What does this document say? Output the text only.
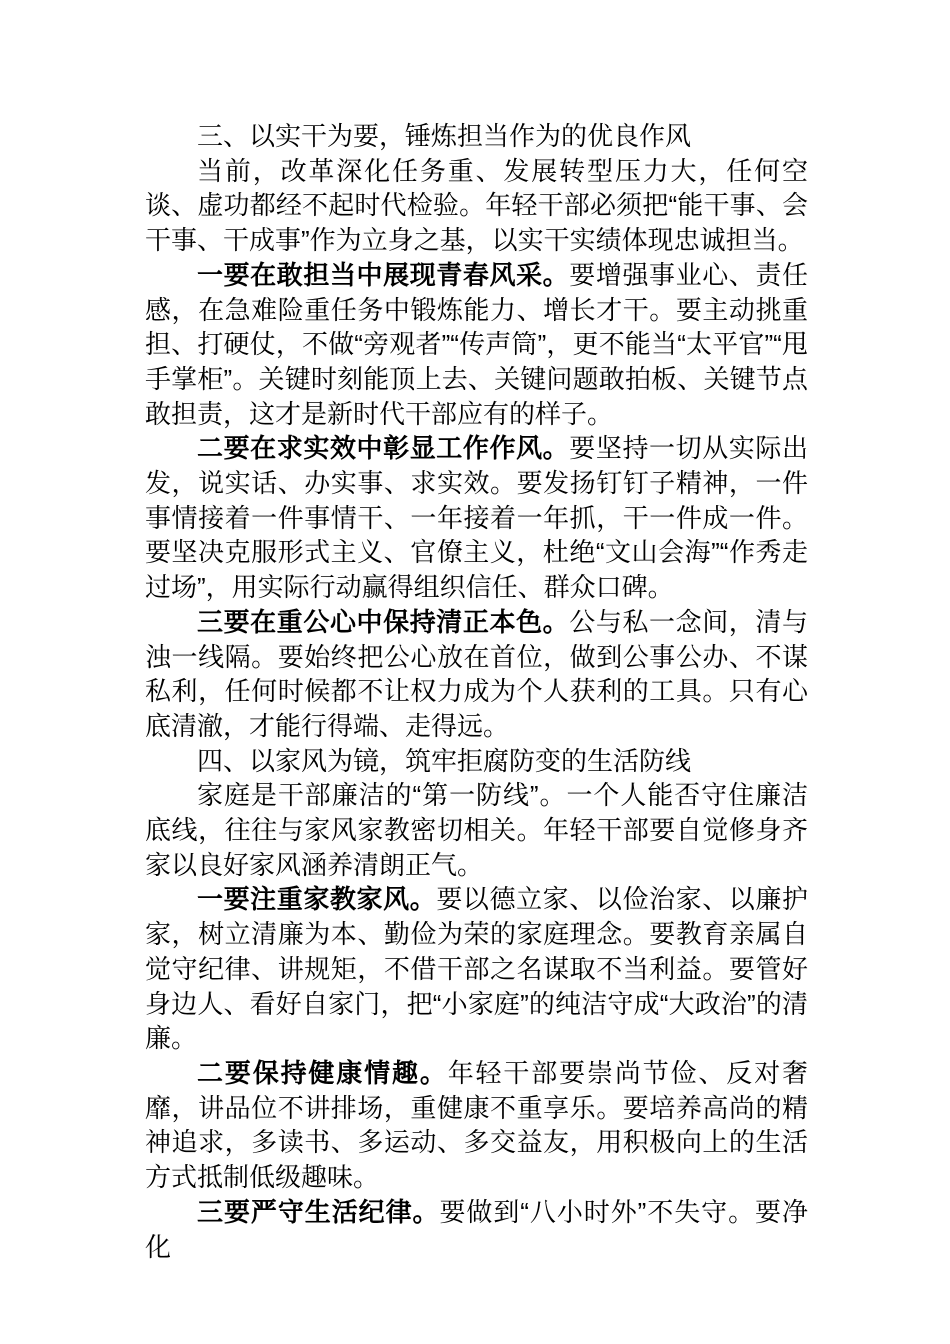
三、以实干为要，锤炼担当作为的优良作风

当前，改革深化任务重、发展转型压力大，任何空谈、虚功都经不起时代检验。年轻干部必须把“能干事、会干事、干成事”作为立身之基，以实干实绩体现忠诚担当。

一要在敢担当中展现青春风采。要增强事业心、责任感，在急难险重任务中锻炼能力、增长才干。要主动挑重担、打硬仗，不做“旁观者”“传声筒”，更不能当“太平官”“甩手掌柜”。关键时刻能顶上去、关键问题敢拍板、关键节点敢担责，这才是新时代干部应有的样子。

二要在求实效中彰显工作作风。要坚持一切从实际出发，说实话、办实事、求实效。要发扬钉钉子精神，一件事情接着一件事情干、一年接着一年抓，干一件成一件。要坚决克服形式主义、官僚主义，杜绝“文山会海”“作秀走过场”，用实际行动赢得组织信任、群众口碑。

三要在重公心中保持清正本色。公与私一念间，清与浊一线隔。要始终把公心放在首位，做到公事公办、不谋私利，任何时候都不让权力成为个人获利的工具。只有心底清澈，才能行得端、走得远。

四、以家风为镜，筑牢拒腐防变的生活防线

家庭是干部廉洁的“第一防线”。一个人能否守住廉洁底线，往往与家风家教密切相关。年轻干部要自觉修身齐家以良好家风涵养清朗正气。

一要注重家教家风。要以德立家、以俭治家、以廉护家，树立清廉为本、勤俭为荣的家庭理念。要教育亲属自觉守纪律、讲规矩，不借干部之名谋取不当利益。要管好身边人、看好自家门，把“小家庭”的纯洁守成“大政治”的清廉。

二要保持健康情趣。年轻干部要崇尚节俭、反对奢靡，讲品位不讲排场，重健康不重享乐。要培养高尚的精神追求，多读书、多运动、多交益友，用积极向上的生活方式抵制低级趣味。

三要严守生活纪律。要做到“八小时外”不失守。要净化
